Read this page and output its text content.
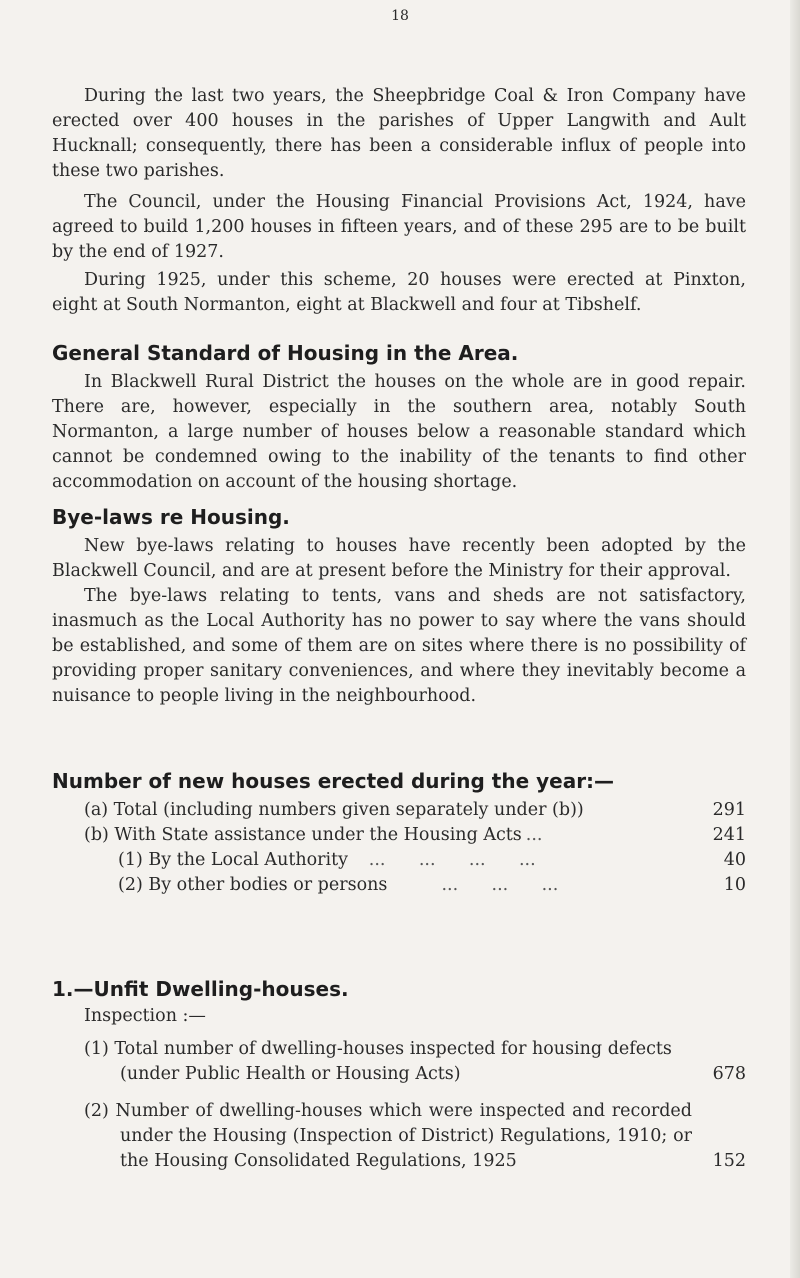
18

During the last two years, the Sheepbridge Coal & Iron Company have erected over 400 houses in the parishes of Upper Langwith and Ault Hucknall; consequently, there has been a considerable influx of people into these two parishes.

The Council, under the Housing Financial Provisions Act, 1924, have agreed to build 1,200 houses in fifteen years, and of these 295 are to be built by the end of 1927.

During 1925, under this scheme, 20 houses were erected at Pinxton, eight at South Normanton, eight at Blackwell and four at Tibshelf.

General Standard of Housing in the Area.

In Blackwell Rural District the houses on the whole are in good repair. There are, however, especially in the southern area, notably South Normanton, a large number of houses below a reasonable standard which cannot be condemned owing to the inability of the tenants to find other accommodation on account of the housing shortage.

Bye-laws re Housing.

New bye-laws relating to houses have recently been adopted by the Blackwell Council, and are at present before the Ministry for their approval.

The bye-laws relating to tents, vans and sheds are not satisfactory, inasmuch as the Local Authority has no power to say where the vans should be established, and some of them are on sites where there is no possibility of providing proper sanitary conveniences, and where they inevitably become a nuisance to people living in the neighbourhood.

Number of new houses erected during the year:—
(a) Total (including numbers given separately under (b))	291
(b) With State assistance under the Housing Acts ...	241
(1) By the Local Authority ...      ...      ...      ...	40
(2) By other bodies or persons ...      ...      ...	10
1.—Unfit Dwelling-houses.
Inspection :—
(1) Total number of dwelling-houses inspected for housing defects (under Public Health or Housing Acts)	678
(2) Number of dwelling-houses which were inspected and recorded under the Housing (Inspection of District) Regulations, 1910; or the Housing Consolidated Regulations, 1925	152
